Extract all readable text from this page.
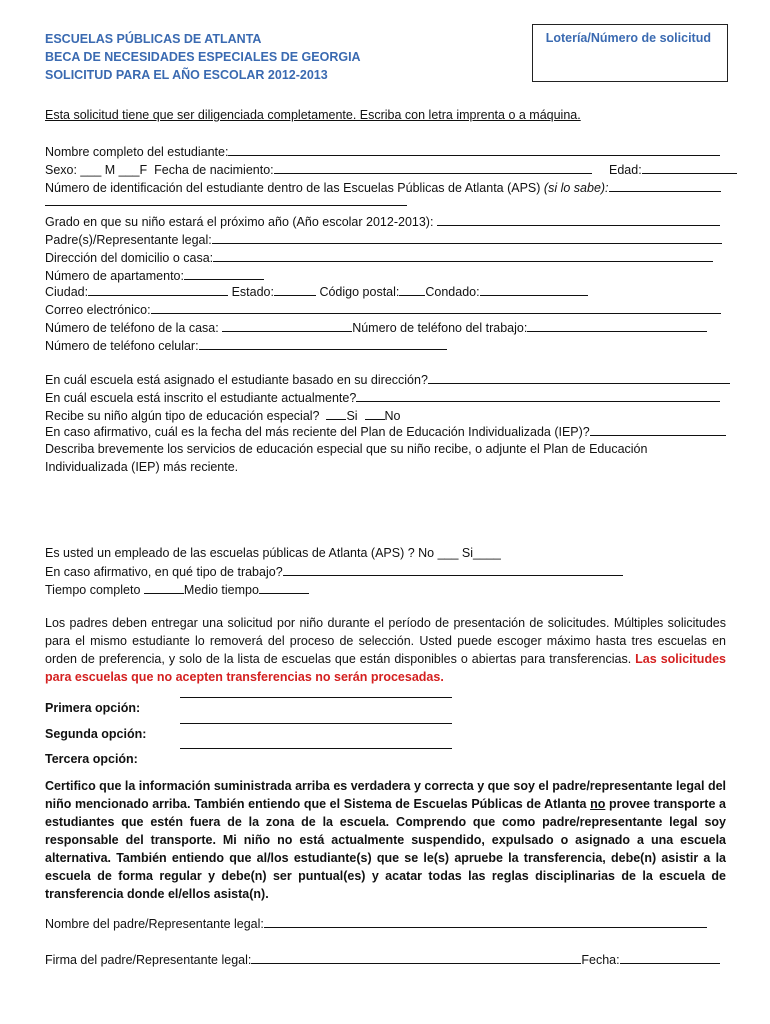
ESCUELAS PÚBLICAS DE ATLANTA
BECA DE NECESIDADES ESPECIALES DE GEORGIA
SOLICITUD PARA EL AÑO ESCOLAR 2012-2013
Lotería/Número de solicitud
Esta solicitud tiene que ser diligenciada completamente. Escriba con letra imprenta o a máquina.
Nombre completo del estudiante:
Sexo: ___ M ___F Fecha de nacimiento:	Edad:
Número de identificación del estudiante dentro de las Escuelas Públicas de Atlanta (APS) (si lo sabe):
Grado en que su niño estará el próximo año (Año escolar 2012-2013):
Padre(s)/Representante legal:
Dirección del domicilio o casa:
Número de apartamento:
Ciudad:	Estado:	Código postal: Condado:
Correo electrónico:
Número de teléfono de la casa:	Número de teléfono del trabajo:
Número de teléfono celular:
En cuál escuela está asignado el estudiante basado en su dirección?
En cuál escuela está inscrito el estudiante actualmente?
Recibe su niño algún tipo de educación especial? Si No
En caso afirmativo, cuál es la fecha del más reciente del Plan de Educación Individualizada (IEP)?
Describa brevemente los servicios de educación especial que su niño recibe, o adjunte el Plan de Educación
Individualizada (IEP) más reciente.
Es usted un empleado de las escuelas públicas de Atlanta (APS) ? No ___ Si____
En caso afirmativo, en qué tipo de trabajo?
Tiempo completo	Medio tiempo
Los padres deben entregar una solicitud por niño durante el período de presentación de solicitudes. Múltiples solicitudes para el mismo estudiante lo removerá del proceso de selección. Usted puede escoger máximo hasta tres escuelas en orden de preferencia, y solo de la lista de escuelas que están disponibles o abiertas para transferencias. Las solicitudes para escuelas que no acepten transferencias no serán procesadas.
Primera opción:
Segunda opción:
Tercera opción:
Certifico que la información suministrada arriba es verdadera y correcta y que soy el padre/representante legal del niño mencionado arriba. También entiendo que el Sistema de Escuelas Públicas de Atlanta no provee transporte a estudiantes que estén fuera de la zona de la escuela. Comprendo que como padre/representante legal soy responsable del transporte. Mi niño no está actualmente suspendido, expulsado o asignado a una escuela alternativa. También entiendo que al/los estudiante(s) que se le(s) apruebe la transferencia, debe(n) asistir a la escuela de forma regular y debe(n) ser puntual(es) y acatar todas las reglas disciplinarias de la escuela de transferencia donde el/ellos asista(n).
Nombre del padre/Representante legal:
Firma del padre/Representante legal:	Fecha:
